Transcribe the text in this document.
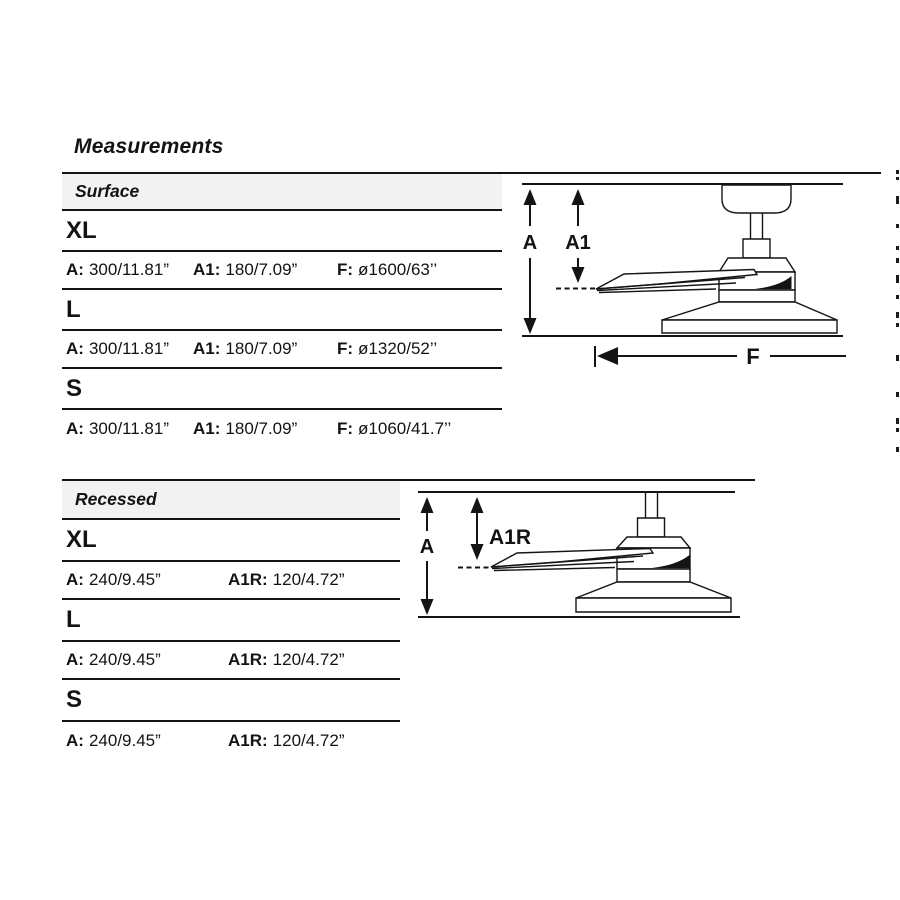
Measurements
Surface
XL
A: 300/11.81”	A1: 180/7.09”	F: ø1600/63’’
L
A: 300/11.81”	A1: 180/7.09”	F: ø1320/52’’
S
A: 300/11.81”	A1: 180/7.09”	F: ø1060/41.7’’
A A1
F
Recessed
XL
A: 240/9.45”	A1R: 120/4.72”
L
A: 240/9.45”	A1R: 120/4.72”
S
A: 240/9.45”	A1R: 120/4.72”
A	A1R
